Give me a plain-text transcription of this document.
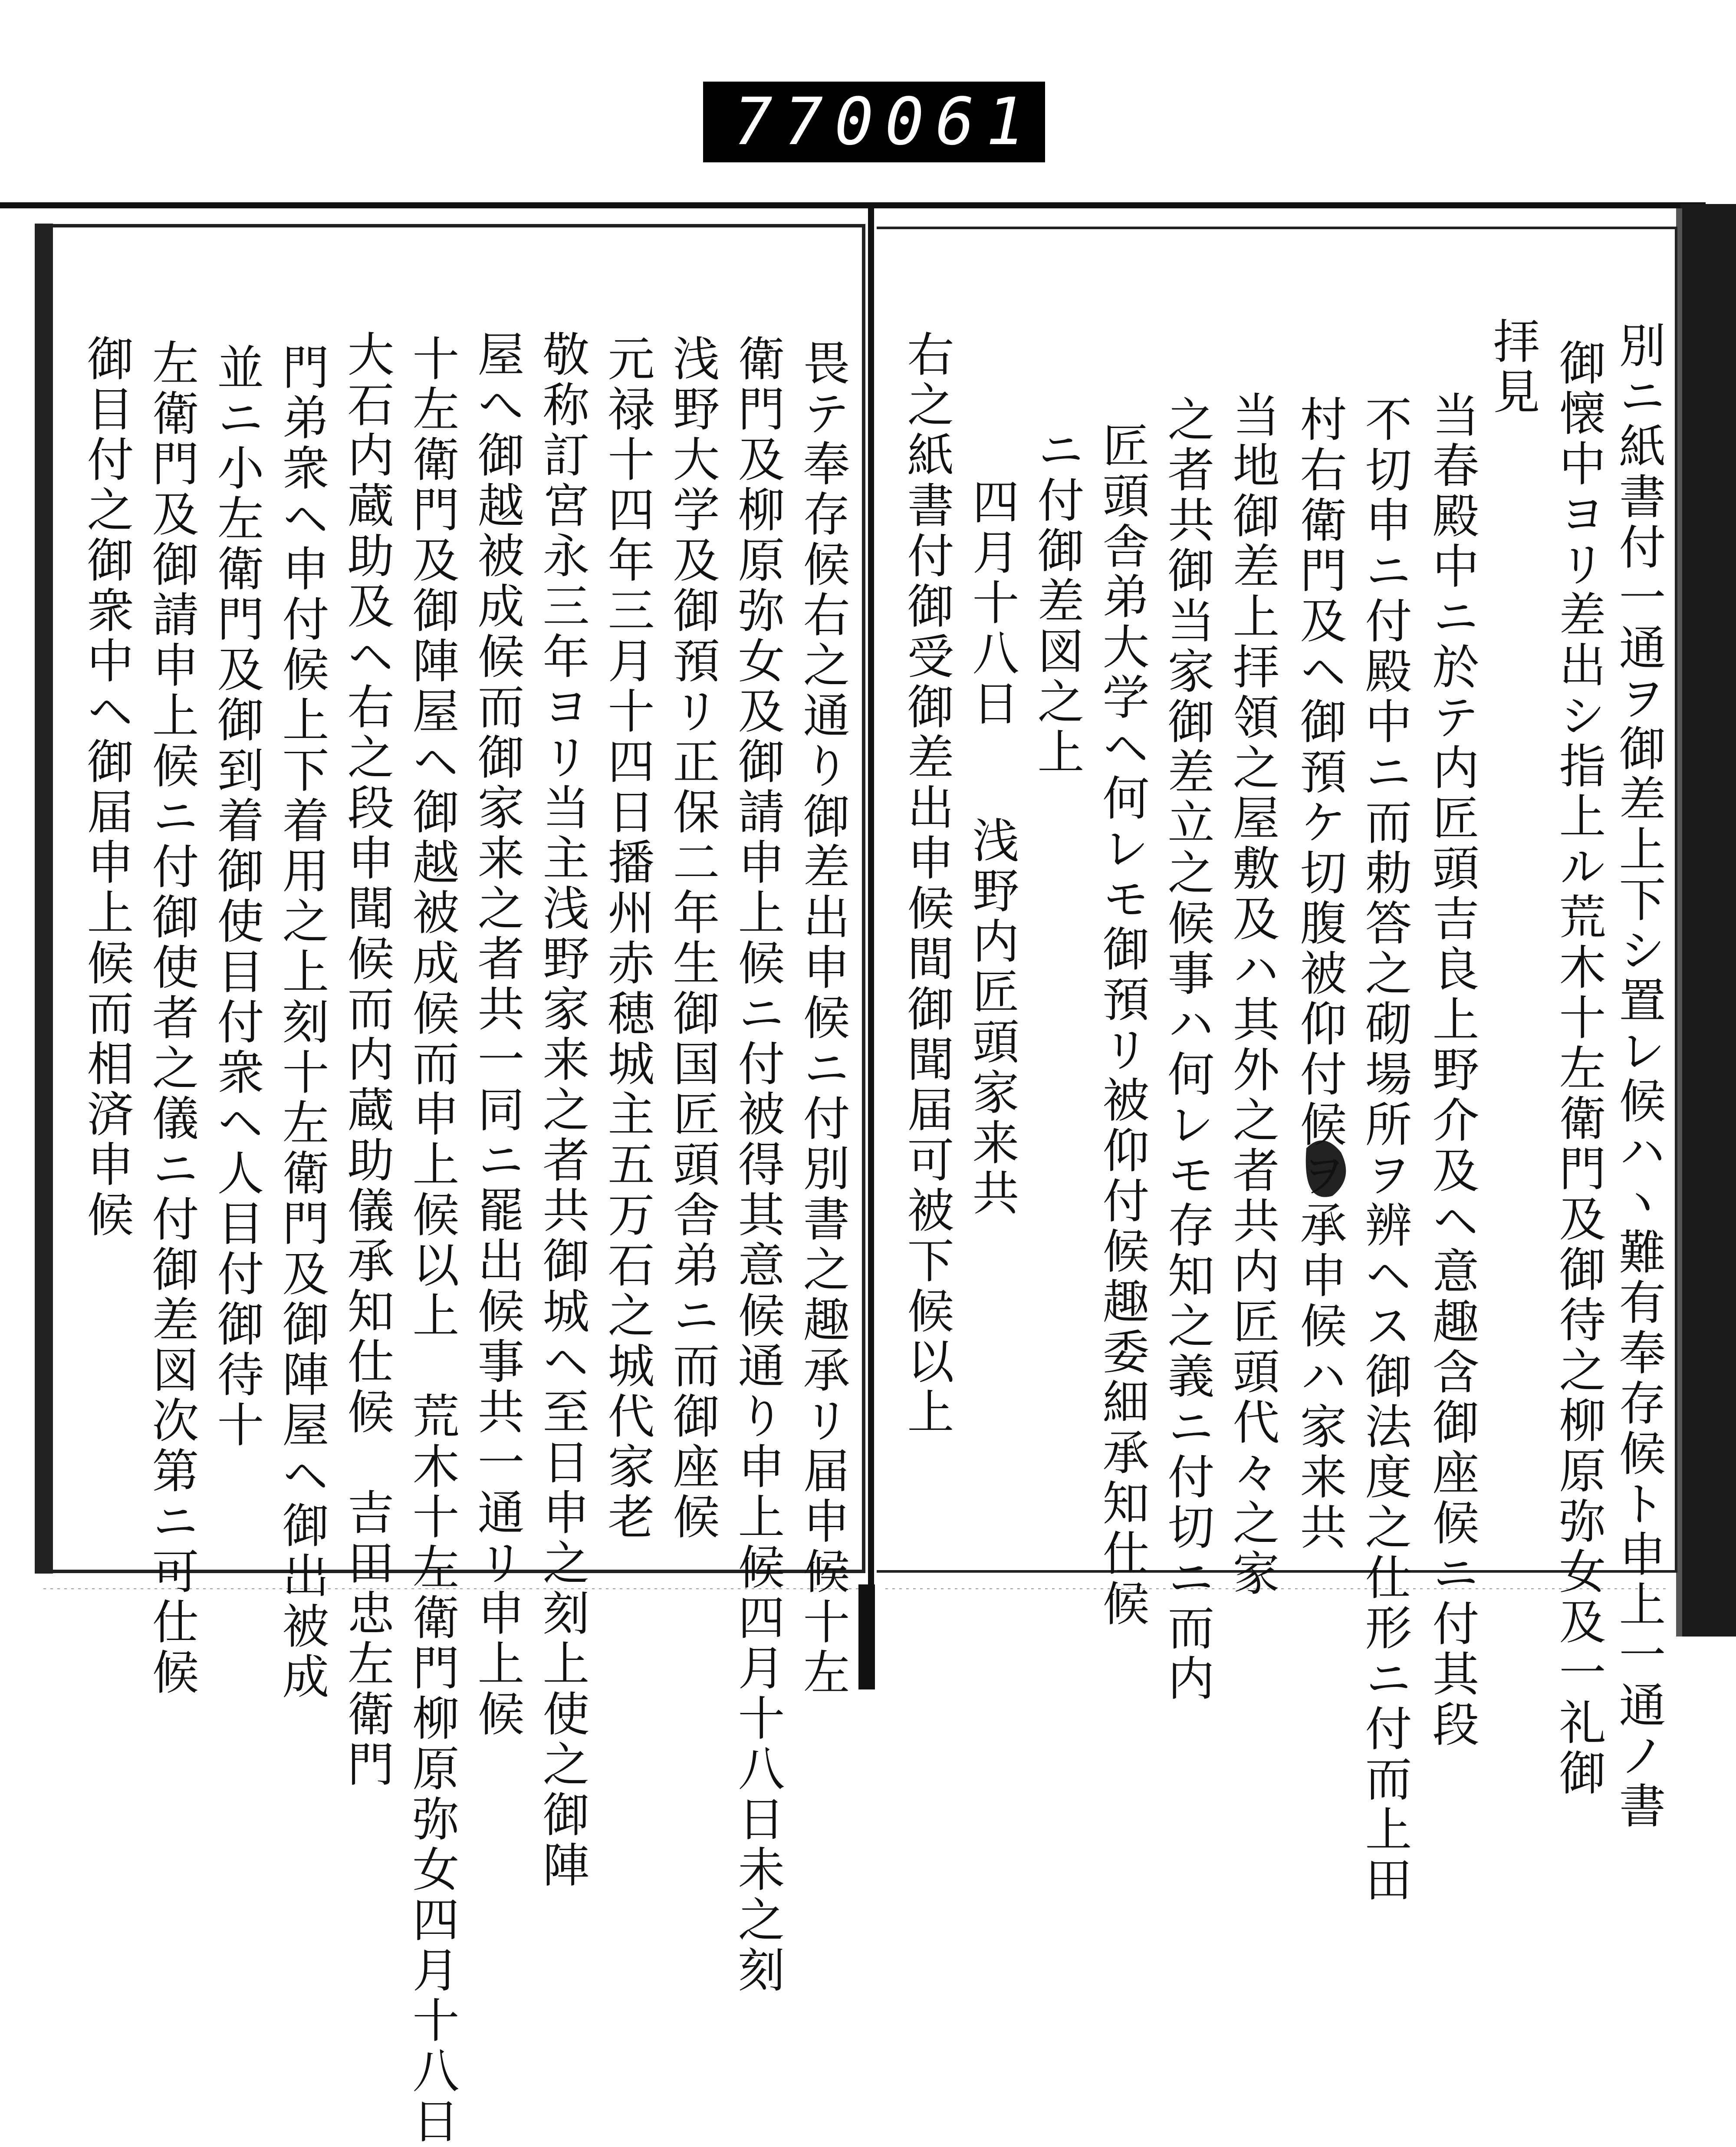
770 061
別ニ紙書付一通ヲ御差上下シ置レ候ハヽ難有奉存候ト申上一通ノ書
御懐中ヨリ差出シ指上ル荒木十左衛門及御待之柳原弥女及一礼御
拝見
当春殿中ニ於テ内匠頭吉良上野介及ヘ意趣含御座候ニ付其段
不切申ニ付殿中ニ而勅答之砌場所ヲ辨ヘス御法度之仕形ニ付而上田
村右衛門及ヘ御預ケ切腹被仰付候ヲ承申候ハ家来共
当地御差上拝領之屋敷及ハ其外之者共内匠頭代々之家
之者共御当家御差立之候事ハ何レモ存知之義ニ付切ニ而内
匠頭舎弟大学ヘ何レモ御預リ被仰付候趣委細承知仕候
ニ付御差図之上
四月十八日
浅野内匠頭家来共
右之紙書付御受御差出申候間御聞届可被下候以上
畏テ奉存候右之通り御差出申候ニ付別書之趣承リ届申候十左
衛門及柳原弥女及御請申上候ニ付被得其意候通り申上候四月十八日未之刻
浅野大学及御預リ正保二年生御国匠頭舎弟ニ而御座候
元禄十四年三月十四日播州赤穂城主五万石之城代家老
敬称訂宮永三年ヨリ当主浅野家来之者共御城ヘ至日申之刻上使之御陣
屋へ御越被成候而御家来之者共一同ニ罷出候事共一通リ申上候
十左衛門及御陣屋ヘ御越被成候而申上候以上　荒木十左衛門柳原弥女四月十八日
大石内蔵助及ヘ右之段申聞候而内蔵助儀承知仕候　吉田忠左衛門
門弟衆ヘ申付候上下着用之上刻十左衛門及御陣屋ヘ御出被成
並ニ小左衛門及御到着御使目付衆ヘ人目付御待十
左衛門及御請申上候ニ付御使者之儀ニ付御差図次第ニ可仕候
御目付之御衆中ヘ御届申上候而相済申候
